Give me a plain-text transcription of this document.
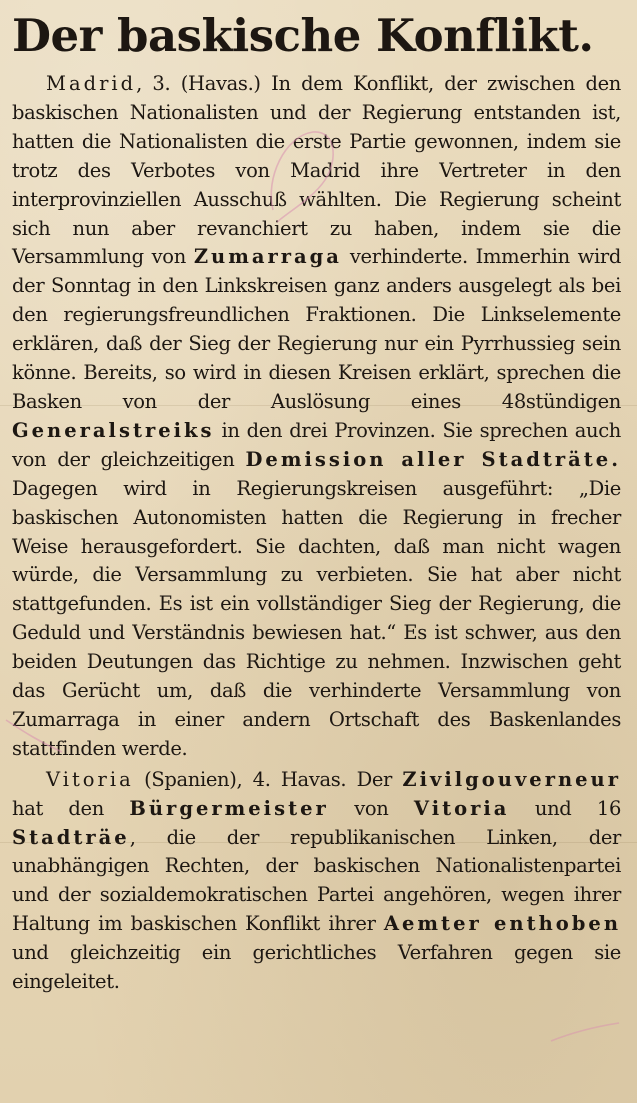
Der baskische Konflikt.

Madrid, 3. (Havas.) In dem Konflikt, der zwischen den baskischen Nationalisten und der Regierung entstanden ist, hatten die Nationalisten die erste Partie gewonnen, indem sie trotz des Verbotes von Madrid ihre Vertreter in den interprovinziellen Ausschuß wählten. Die Regierung scheint sich nun aber revanchiert zu haben, indem sie die Versammlung von Zumarraga verhinderte. Immerhin wird der Sonntag in den Linkskreisen ganz anders ausgelegt als bei den regierungsfreundlichen Fraktionen. Die Linkselemente erklären, daß der Sieg der Regierung nur ein Pyrrhussieg sein könne. Bereits, so wird in diesen Kreisen erklärt, sprechen die Basken von der Auslösung eines 48stündigen Generalstreiks in den drei Provinzen. Sie sprechen auch von der gleichzeitigen Demission aller Stadträte. Dagegen wird in Regierungskreisen ausgeführt: „Die baskischen Autonomisten hatten die Regierung in frecher Weise herausgefordert. Sie dachten, daß man nicht wagen würde, die Versammlung zu verbieten. Sie hat aber nicht stattgefunden. Es ist ein vollständiger Sieg der Regierung, die Geduld und Verständnis bewiesen hat.“ Es ist schwer, aus den beiden Deutungen das Richtige zu nehmen. Inzwischen geht das Gerücht um, daß die verhinderte Versammlung von Zumarraga in einer andern Ortschaft des Baskenlandes stattfinden werde.

Vitoria (Spanien), 4. Havas. Der Zivilgouverneur hat den Bürgermeister von Vitoria und 16 Stadträe, die der republikanischen Linken, der unabhängigen Rechten, der baskischen Nationalistenpartei und der sozialdemokratischen Partei angehören, wegen ihrer Haltung im baskischen Konflikt ihrer Aemter enthoben und gleichzeitig ein gerichtliches Verfahren gegen sie eingeleitet.
